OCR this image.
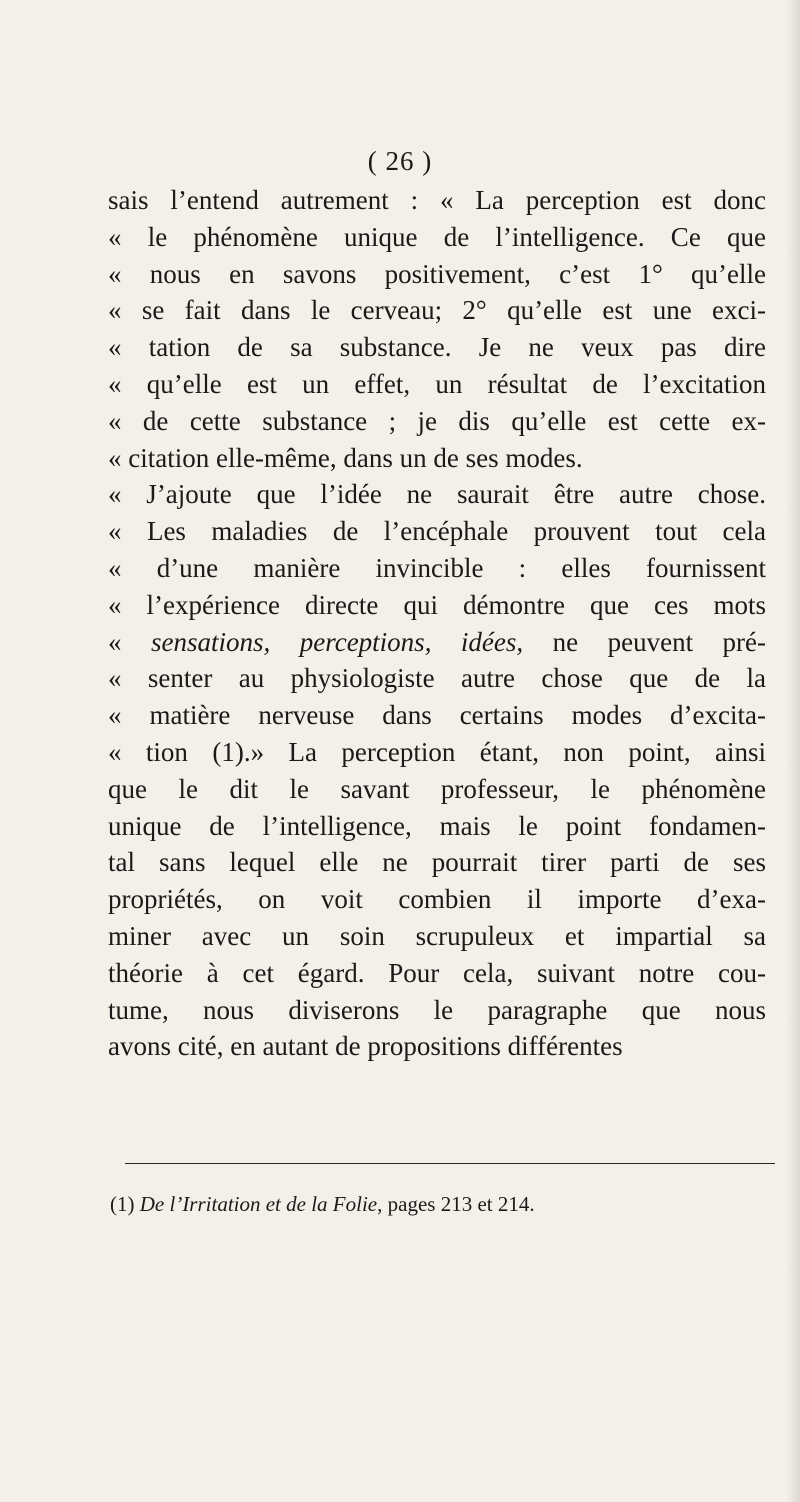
( 26 )
sais l’entend autrement : « La perception est donc
« le phénomène unique de l’intelligence. Ce que
« nous en savons positivement, c’est 1° qu’elle
« se fait dans le cerveau; 2° qu’elle est une exci-
« tation de sa substance. Je ne veux pas dire
« qu’elle est un effet, un résultat de l’excitation
« de cette substance ; je dis qu’elle est cette ex-
« citation elle-même, dans un de ses modes.
« J’ajoute que l’idée ne saurait être autre chose.
« Les maladies de l’encéphale prouvent tout cela
« d’une manière invincible : elles fournissent
« l’expérience directe qui démontre que ces mots
« sensations, perceptions, idées, ne peuvent pré-
« senter au physiologiste autre chose que de la
« matière nerveuse dans certains modes d’excita-
« tion (1).» La perception étant, non point, ainsi
que le dit le savant professeur, le phénomène
unique de l’intelligence, mais le point fondamen-
tal sans lequel elle ne pourrait tirer parti de ses
propriétés, on voit combien il importe d’exa-
miner avec un soin scrupuleux et impartial sa
théorie à cet égard. Pour cela, suivant notre cou-
tume, nous diviserons le paragraphe que nous
avons cité, en autant de propositions différentes
(1) De l’Irritation et de la Folie, pages 213 et 214.
